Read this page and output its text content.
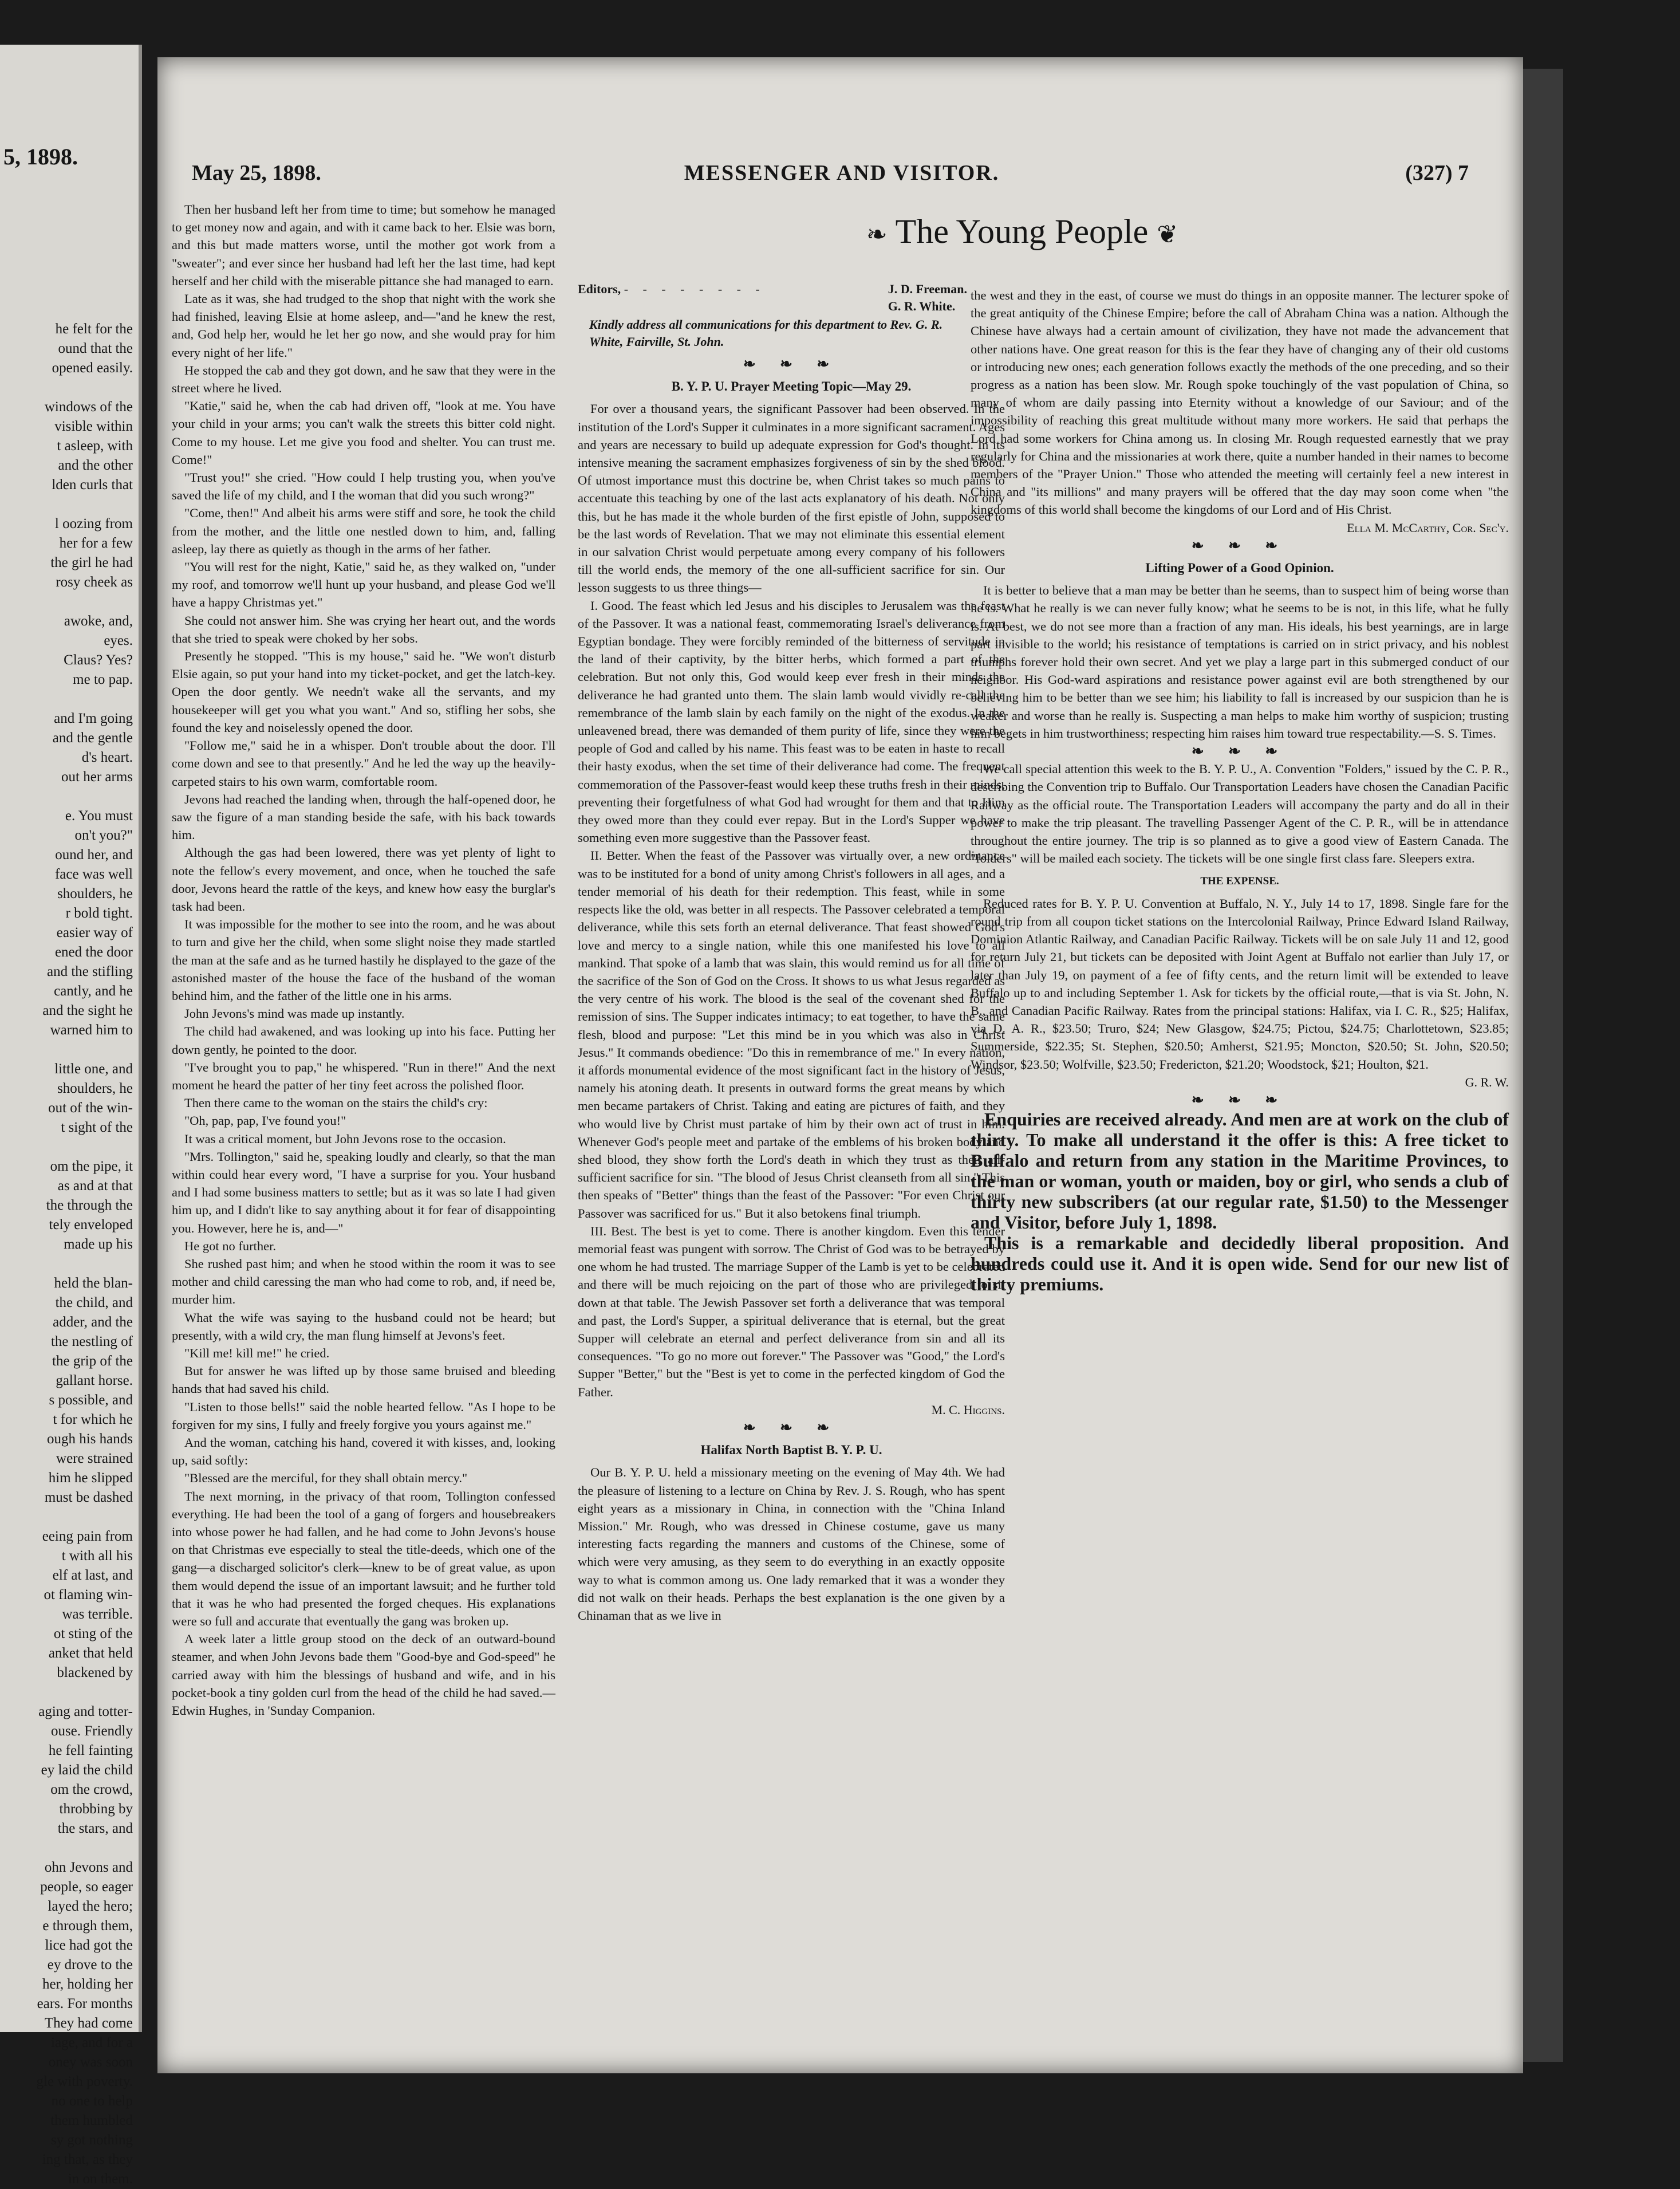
5, 1898.
he felt for the
ound that the
opened easily.

windows of the
visible within
t asleep, with
and the other
lden curls that

l oozing from
her for a few
the girl he had
rosy cheek as

awoke, and,
eyes.
Claus? Yes?
me to pap.

and I'm going
and the gentle
d's heart.
out her arms

e. You must
on't you?"
ound her, and
face was well
shoulders, he
r bold tight.
easier way of
ened the door
and the stifling
cantly, and he
and the sight he
warned him to

little one, and
shoulders, he
out of the win-
t sight of the

om the pipe, it
as and at that
the through the
tely enveloped
made up his

held the blan-
the child, and
adder, and the
the nestling of
the grip of the
gallant horse.
s possible, and
t for which he
ough his hands
were strained
him he slipped
must be dashed

eeing pain from
t with all his
elf at last, and
ot flaming win-
was terrible.
ot sting of the
anket that held
blackened by

aging and totter-
ouse. Friendly
he fell fainting
ey laid the child
om the crowd,
throbbing by
the stars, and

ohn Jevons and
people, so eager
layed the hero;
e through them,
lice had got the
ey drove to the
her, holding her
ears. For months
They had come
iage, and for a
oney was soon
gle with poverty.
no one to help
them humbled
sy got nothing
ing that, as they
in on them.
May 25, 1898.	MESSENGER AND VISITOR.	(327) 7

Then her husband left her from time to time; but somehow he managed to get money now and again, and with it came back to her. Elsie was born, and this but made matters worse, until the mother got work from a "sweater"; and ever since her husband had left her the last time, had kept herself and her child with the miserable pittance she had managed to earn.

Late as it was, she had trudged to the shop that night with the work she had finished, leaving Elsie at home asleep, and—"and he knew the rest, and, God help her, would he let her go now, and she would pray for him every night of her life."

He stopped the cab and they got down, and he saw that they were in the street where he lived.

"Katie," said he, when the cab had driven off, "look at me. You have your child in your arms; you can't walk the streets this bitter cold night. Come to my house. Let me give you food and shelter. You can trust me. Come!"

"Trust you!" she cried. "How could I help trusting you, when you've saved the life of my child, and I the woman that did you such wrong?"

"Come, then!" And albeit his arms were stiff and sore, he took the child from the mother, and the little one nestled down to him, and, falling asleep, lay there as quietly as though in the arms of her father.

"You will rest for the night, Katie," said he, as they walked on, "under my roof, and tomorrow we'll hunt up your husband, and please God we'll have a happy Christmas yet."

She could not answer him. She was crying her heart out, and the words that she tried to speak were choked by her sobs.

Presently he stopped. "This is my house," said he. "We won't disturb Elsie again, so put your hand into my ticket-pocket, and get the latch-key. Open the door gently. We needn't wake all the servants, and my housekeeper will get you what you want." And so, stifling her sobs, she found the key and noiselessly opened the door.

"Follow me," said he in a whisper. Don't trouble about the door. I'll come down and see to that presently." And he led the way up the heavily-carpeted stairs to his own warm, comfortable room.

Jevons had reached the landing when, through the half-opened door, he saw the figure of a man standing beside the safe, with his back towards him.

Although the gas had been lowered, there was yet plenty of light to note the fellow's every movement, and once, when he touched the safe door, Jevons heard the rattle of the keys, and knew how easy the burglar's task had been.

It was impossible for the mother to see into the room, and he was about to turn and give her the child, when some slight noise they made startled the man at the safe and as he turned hastily he displayed to the gaze of the astonished master of the house the face of the husband of the woman behind him, and the father of the little one in his arms.

John Jevons's mind was made up instantly.

The child had awakened, and was looking up into his face. Putting her down gently, he pointed to the door.

"I've brought you to pap," he whispered. "Run in there!" And the next moment he heard the patter of her tiny feet across the polished floor.

Then there came to the woman on the stairs the child's cry:

"Oh, pap, pap, I've found you!"

It was a critical moment, but John Jevons rose to the occasion.

"Mrs. Tollington," said he, speaking loudly and clearly, so that the man within could hear every word, "I have a surprise for you. Your husband and I had some business matters to settle; but as it was so late I had given him up, and I didn't like to say anything about it for fear of disappointing you. However, here he is, and—"

He got no further.

She rushed past him; and when he stood within the room it was to see mother and child caressing the man who had come to rob, and, if need be, murder him.

What the wife was saying to the husband could not be heard; but presently, with a wild cry, the man flung himself at Jevons's feet.

"Kill me! kill me!" he cried.

But for answer he was lifted up by those same bruised and bleeding hands that had saved his child.

"Listen to those bells!" said the noble hearted fellow. "As I hope to be forgiven for my sins, I fully and freely forgive you yours against me."

And the woman, catching his hand, covered it with kisses, and, looking up, said softly:

"Blessed are the merciful, for they shall obtain mercy."

The next morning, in the privacy of that room, Tollington confessed everything. He had been the tool of a gang of forgers and housebreakers into whose power he had fallen, and he had come to John Jevons's house on that Christmas eve especially to steal the title-deeds, which one of the gang—a discharged solicitor's clerk—knew to be of great value, as upon them would depend the issue of an important lawsuit; and he further told that it was he who had presented the forged cheques. His explanations were so full and accurate that eventually the gang was broken up.

A week later a little group stood on the deck of an outward-bound steamer, and when John Jevons bade them "Good-bye and God-speed" he carried away with him the blessings of husband and wife, and in his pocket-book a tiny golden curl from the head of the child he had saved.—Edwin Hughes, in 'Sunday Companion.

❧ The Young People ❦
Editors, - - - - - - - -	J. D. Freeman.
G. R. White.
Kindly address all communications for this department to Rev. G. R. White, Fairville, St. John.
❧ ❧ ❧
B. Y. P. U. Prayer Meeting Topic—May 29.

For over a thousand years, the significant Passover had been observed. In the institution of the Lord's Supper it culminates in a more significant sacrament. Ages and years are necessary to build up adequate expression for God's thought. In its intensive meaning the sacrament emphasizes forgiveness of sin by the shed blood. Of utmost importance must this doctrine be, when Christ takes so much pains to accentuate this teaching by one of the last acts explanatory of his death. Not only this, but he has made it the whole burden of the first epistle of John, supposed to be the last words of Revelation. That we may not eliminate this essential element in our salvation Christ would perpetuate among every company of his followers till the world ends, the memory of the one all-sufficient sacrifice for sin. Our lesson suggests to us three things—

I. Good. The feast which led Jesus and his disciples to Jerusalem was the feast of the Passover. It was a national feast, commemorating Israel's deliverance from Egyptian bondage. They were forcibly reminded of the bitterness of servitude in the land of their captivity, by the bitter herbs, which formed a part of the celebration. But not only this, God would keep ever fresh in their minds the deliverance he had granted unto them. The slain lamb would vividly re-call the remembrance of the lamb slain by each family on the night of the exodus. In the unleavened bread, there was demanded of them purity of life, since they were the people of God and called by his name. This feast was to be eaten in haste to recall their hasty exodus, when the set time of their deliverance had come. The frequent commemoration of the Passover-feast would keep these truths fresh in their minds, preventing their forgetfulness of what God had wrought for them and that to Him they owed more than they could ever repay. But in the Lord's Supper we have something even more suggestive than the Passover feast.

II. Better. When the feast of the Passover was virtually over, a new ordinance was to be instituted for a bond of unity among Christ's followers in all ages, and a tender memorial of his death for their redemption. This feast, while in some respects like the old, was better in all respects. The Passover celebrated a temporal deliverance, while this sets forth an eternal deliverance. That feast showed God's love and mercy to a single nation, while this one manifested his love to all mankind. That spoke of a lamb that was slain, this would remind us for all time of the sacrifice of the Son of God on the Cross. It shows to us what Jesus regarded as the very centre of his work. The blood is the seal of the covenant shed for the remission of sins. The Supper indicates intimacy; to eat together, to have the same flesh, blood and purpose: "Let this mind be in you which was also in Christ Jesus." It commands obedience: "Do this in remembrance of me." In every nation, it affords monumental evidence of the most significant fact in the history of Jesus, namely his atoning death. It presents in outward forms the great means by which men became partakers of Christ. Taking and eating are pictures of faith, and they who would live by Christ must partake of him by their own act of trust in him. Whenever God's people meet and partake of the emblems of his broken body and shed blood, they show forth the Lord's death in which they trust as their all-sufficient sacrifice for sin. "The blood of Jesus Christ cleanseth from all sin." This then speaks of "Better" things than the feast of the Passover: "For even Christ our Passover was sacrificed for us." But it also betokens final triumph.

III. Best. The best is yet to come. There is another kingdom. Even this tender memorial feast was pungent with sorrow. The Christ of God was to be betrayed by one whom he had trusted. The marriage Supper of the Lamb is yet to be celebrated and there will be much rejoicing on the part of those who are privileged to sit down at that table. The Jewish Passover set forth a deliverance that was temporal and past, the Lord's Supper, a spiritual deliverance that is eternal, but the great Supper will celebrate an eternal and perfect deliverance from sin and all its consequences. "To go no more out forever." The Passover was "Good," the Lord's Supper "Better," but the "Best is yet to come in the perfected kingdom of God the Father.

M. C. Higgins.
❧ ❧ ❧
Halifax North Baptist B. Y. P. U.

Our B. Y. P. U. held a missionary meeting on the evening of May 4th. We had the pleasure of listening to a lecture on China by Rev. J. S. Rough, who has spent eight years as a missionary in China, in connection with the "China Inland Mission." Mr. Rough, who was dressed in Chinese costume, gave us many interesting facts regarding the manners and customs of the Chinese, some of which were very amusing, as they seem to do everything in an exactly opposite way to what is common among us. One lady remarked that it was a wonder they did not walk on their heads. Perhaps the best explanation is the one given by a Chinaman that as we live in

the west and they in the east, of course we must do things in an opposite manner. The lecturer spoke of the great antiquity of the Chinese Empire; before the call of Abraham China was a nation. Although the Chinese have always had a certain amount of civilization, they have not made the advancement that other nations have. One great reason for this is the fear they have of changing any of their old customs or introducing new ones; each generation follows exactly the methods of the one preceding, and so their progress as a nation has been slow. Mr. Rough spoke touchingly of the vast population of China, so many of whom are daily passing into Eternity without a knowledge of our Saviour; and of the impossibility of reaching this great multitude without many more workers. He said that perhaps the Lord had some workers for China among us. In closing Mr. Rough requested earnestly that we pray regularly for China and the missionaries at work there, quite a number handed in their names to become members of the "Prayer Union." Those who attended the meeting will certainly feel a new interest in China and "its millions" and many prayers will be offered that the day may soon come when "the kingdoms of this world shall become the kingdoms of our Lord and of His Christ.

Ella M. McCarthy, Cor. Sec'y.
❧ ❧ ❧
Lifting Power of a Good Opinion.

It is better to believe that a man may be better than he seems, than to suspect him of being worse than he is. What he really is we can never fully know; what he seems to be is not, in this life, what he fully is. At best, we do not see more than a fraction of any man. His ideals, his best yearnings, are in large part invisible to the world; his resistance of temptations is carried on in strict privacy, and his noblest triumphs forever hold their own secret. And yet we play a large part in this submerged conduct of our neighbor. His God-ward aspirations and resistance power against evil are both strengthened by our believing him to be better than we see him; his liability to fall is increased by our suspicion than he is weaker and worse than he really is. Suspecting a man helps to make him worthy of suspicion; trusting him begets in him trustworthiness; respecting him raises him toward true respectability.—S. S. Times.

❧ ❧ ❧

We call special attention this week to the B. Y. P. U., A. Convention "Folders," issued by the C. P. R., describing the Convention trip to Buffalo. Our Transportation Leaders have chosen the Canadian Pacific Railway as the official route. The Transportation Leaders will accompany the party and do all in their power to make the trip pleasant. The travelling Passenger Agent of the C. P. R., will be in attendance throughout the entire journey. The trip is so planned as to give a good view of Eastern Canada. The "folders" will be mailed each society. The tickets will be one single first class fare. Sleepers extra.

THE EXPENSE.

Reduced rates for B. Y. P. U. Convention at Buffalo, N. Y., July 14 to 17, 1898. Single fare for the round trip from all coupon ticket stations on the Intercolonial Railway, Prince Edward Island Railway, Dominion Atlantic Railway, and Canadian Pacific Railway. Tickets will be on sale July 11 and 12, good for return July 21, but tickets can be deposited with Joint Agent at Buffalo not earlier than July 17, or later than July 19, on payment of a fee of fifty cents, and the return limit will be extended to leave Buffalo up to and including September 1. Ask for tickets by the official route,—that is via St. John, N. B., and Canadian Pacific Railway. Rates from the principal stations: Halifax, via I. C. R., $25; Halifax, via D. A. R., $23.50; Truro, $24; New Glasgow, $24.75; Pictou, $24.75; Charlottetown, $23.85; Summerside, $22.35; St. Stephen, $20.50; Amherst, $21.95; Moncton, $20.50; St. John, $20.50; Windsor, $23.50; Wolfville, $23.50; Fredericton, $21.20; Woodstock, $21; Houlton, $21.

G. R. W.
❧ ❧ ❧

Enquiries are received already. And men are at work on the club of thirty. To make all understand it the offer is this: A free ticket to Buffalo and return from any station in the Maritime Provinces, to the man or woman, youth or maiden, boy or girl, who sends a club of thirty new subscribers (at our regular rate, $1.50) to the Messenger and Visitor, before July 1, 1898.

This is a remarkable and decidedly liberal proposition. And hundreds could use it. And it is open wide. Send for our new list of thirty premiums.
